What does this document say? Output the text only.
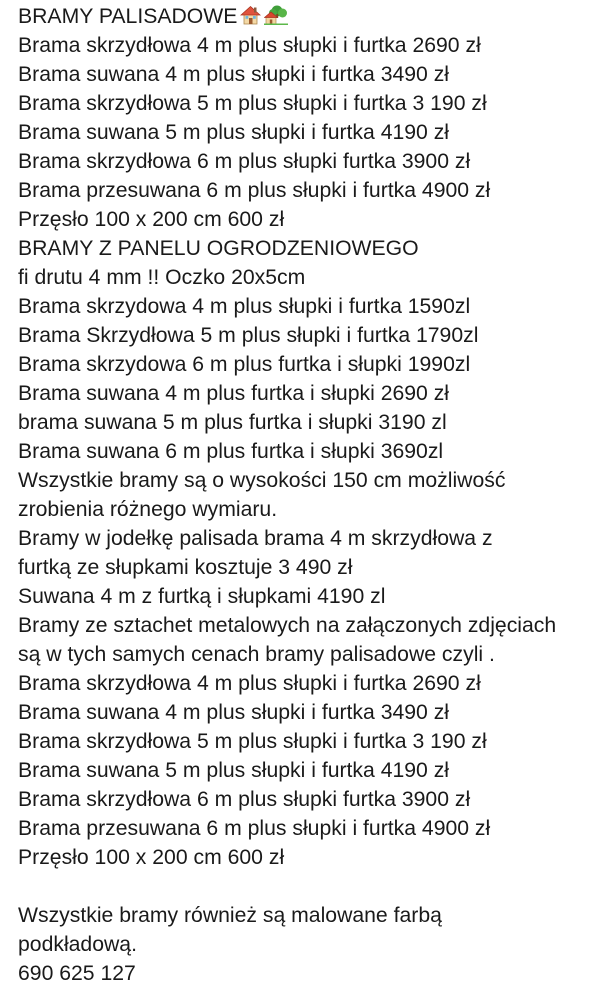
BRAMY PALISADOWE
Brama skrzydłowa 4 m plus słupki i furtka 2690 zł
Brama suwana 4 m plus słupki i furtka 3490 zł
Brama skrzydłowa 5 m plus słupki i furtka 3 190 zł
Brama suwana 5 m plus słupki i furtka 4190 zł
Brama skrzydłowa 6 m plus słupki furtka 3900 zł
Brama przesuwana 6 m plus słupki i furtka 4900 zł
Przęsło 100 x 200 cm 600 zł
BRAMY Z PANELU OGRODZENIOWEGO
fi drutu 4 mm !! Oczko 20x5cm
Brama skrzydowa 4 m plus słupki i furtka 1590zl
Brama Skrzydłowa 5 m plus słupki i furtka 1790zl
Brama skrzydowa 6 m plus furtka i słupki 1990zl
Brama suwana 4 m plus furtka i słupki 2690 zł
brama suwana 5 m plus furtka i słupki 3190 zl
Brama suwana 6 m plus furtka i słupki 3690zl
Wszystkie bramy są o wysokości 150 cm możliwość
zrobienia różnego wymiaru.
Bramy w jodełkę palisada brama 4 m skrzydłowa z
furtką ze słupkami kosztuje 3 490 zł
Suwana 4 m z furtką i słupkami 4190 zl
Bramy ze sztachet metalowych na załączonych zdjęciach
są w tych samych cenach bramy palisadowe czyli .
Brama skrzydłowa 4 m plus słupki i furtka 2690 zł
Brama suwana 4 m plus słupki i furtka 3490 zł
Brama skrzydłowa 5 m plus słupki i furtka 3 190 zł
Brama suwana 5 m plus słupki i furtka 4190 zł
Brama skrzydłowa 6 m plus słupki furtka 3900 zł
Brama przesuwana 6 m plus słupki i furtka 4900 zł
Przęsło 100 x 200 cm 600 zł
Wszystkie bramy również są malowane farbą
podkładową.
690 625 127
